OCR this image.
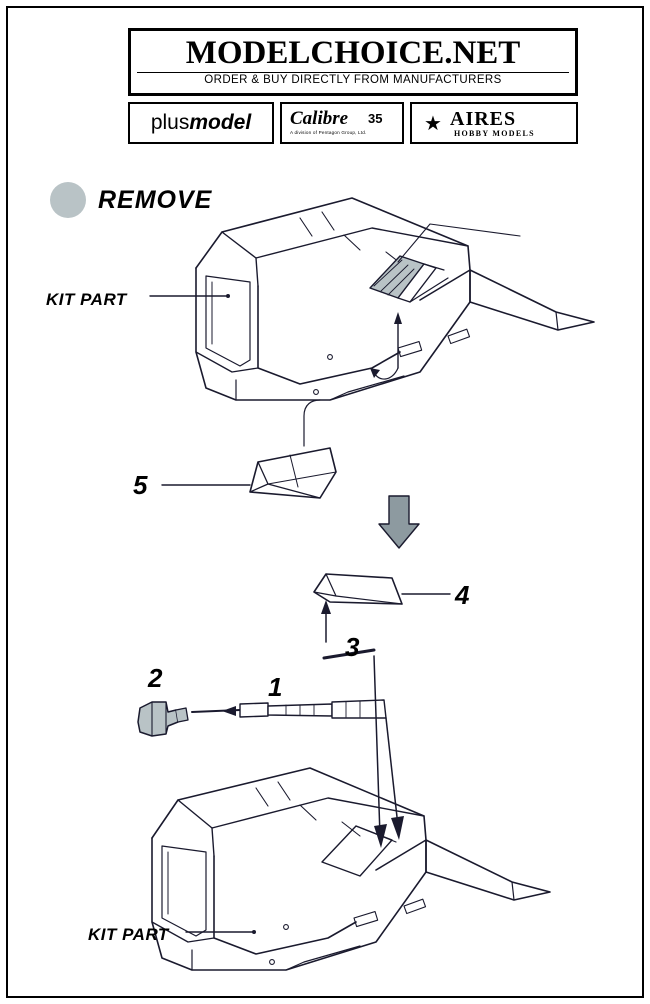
MODELCHOICE.NET
ORDER & BUY DIRECTLY FROM MANUFACTURERS
plusmodel Calibre 35
A division of Pentagon Group, Ltd.	★ AIRES
HOBBY MODELS
REMOVE
KIT PART
KIT PART
5
4
3
2	1
